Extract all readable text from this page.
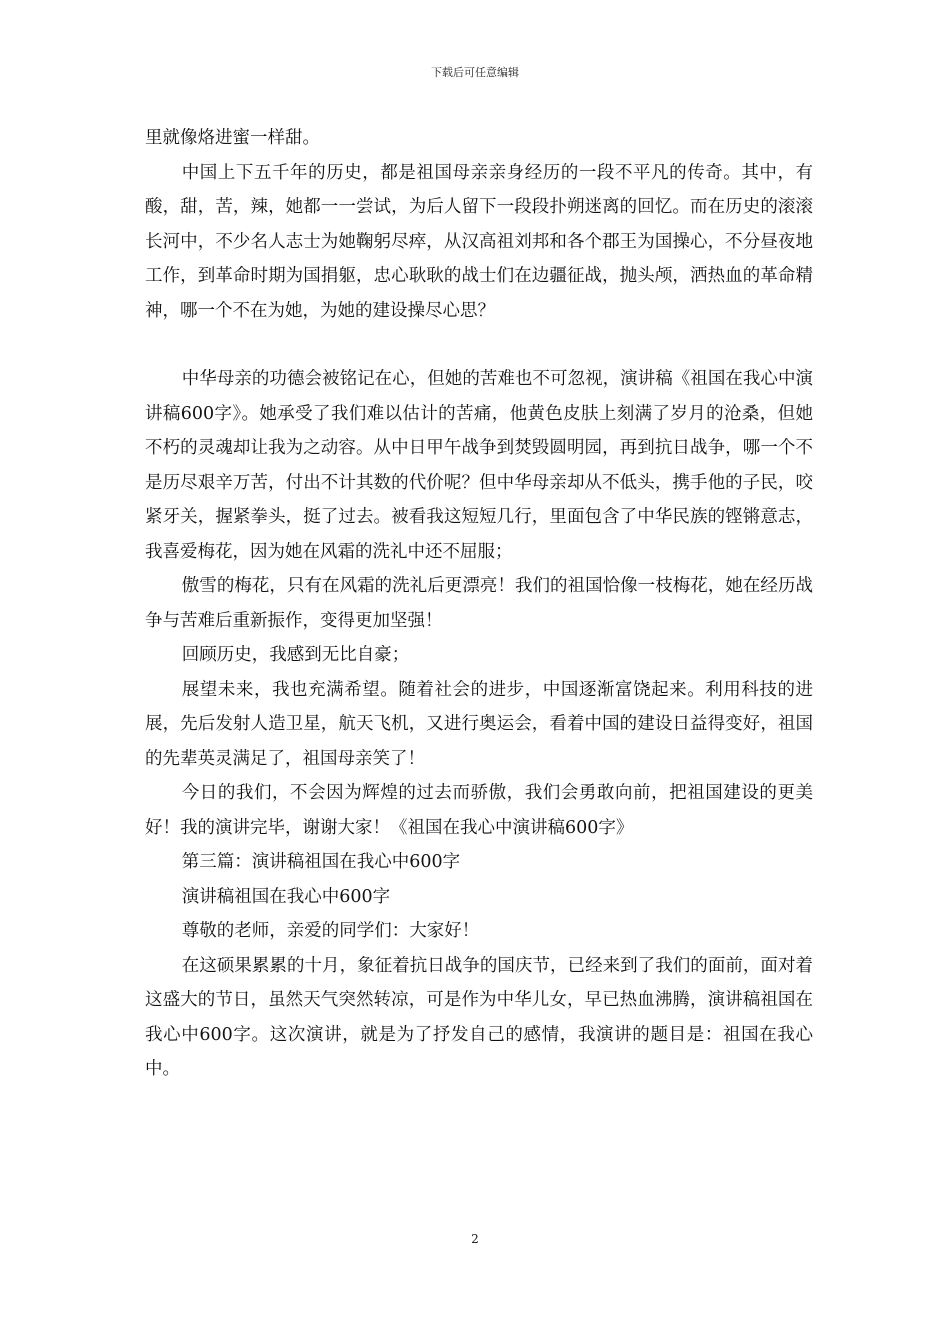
下载后可任意编辑

里就像烙进蜜一样甜。

中国上下五千年的历史，都是祖国母亲亲身经历的一段不平凡的传奇。其中，有酸，甜，苦，辣，她都一一尝试，为后人留下一段段扑朔迷离的回忆。而在历史的滚滚长河中，不少名人志士为她鞠躬尽瘁，从汉高祖刘邦和各个郡王为国操心，不分昼夜地工作，到革命时期为国捐躯，忠心耿耿的战士们在边疆征战，抛头颅，洒热血的革命精神，哪一个不在为她，为她的建设操尽心思？

中华母亲的功德会被铭记在心，但她的苦难也不可忽视，演讲稿《祖国在我心中演讲稿600字》。她承受了我们难以估计的苦痛，他黄色皮肤上刻满了岁月的沧桑，但她不朽的灵魂却让我为之动容。从中日甲午战争到焚毁圆明园，再到抗日战争，哪一个不是历尽艰辛万苦，付出不计其数的代价呢？但中华母亲却从不低头，携手他的子民，咬紧牙关，握紧拳头，挺了过去。被看我这短短几行，里面包含了中华民族的铿锵意志，我喜爱梅花，因为她在风霜的洗礼中还不屈服；

傲雪的梅花，只有在风霜的洗礼后更漂亮！我们的祖国恰像一枝梅花，她在经历战争与苦难后重新振作，变得更加坚强！

回顾历史，我感到无比自豪；

展望未来，我也充满希望。随着社会的进步，中国逐渐富饶起来。利用科技的进展，先后发射人造卫星，航天飞机，又进行奥运会，看着中国的建设日益得变好，祖国的先辈英灵满足了，祖国母亲笑了！

今日的我们，不会因为辉煌的过去而骄傲，我们会勇敢向前，把祖国建设的更美好！我的演讲完毕，谢谢大家！《祖国在我心中演讲稿600字》

第三篇：演讲稿祖国在我心中600字

演讲稿祖国在我心中600字

尊敬的老师，亲爱的同学们：大家好！

在这硕果累累的十月，象征着抗日战争的国庆节，已经来到了我们的面前，面对着这盛大的节日，虽然天气突然转凉，可是作为中华儿女，早已热血沸腾，演讲稿祖国在我心中600字。这次演讲，就是为了抒发自己的感情，我演讲的题目是：祖国在我心中。

2
